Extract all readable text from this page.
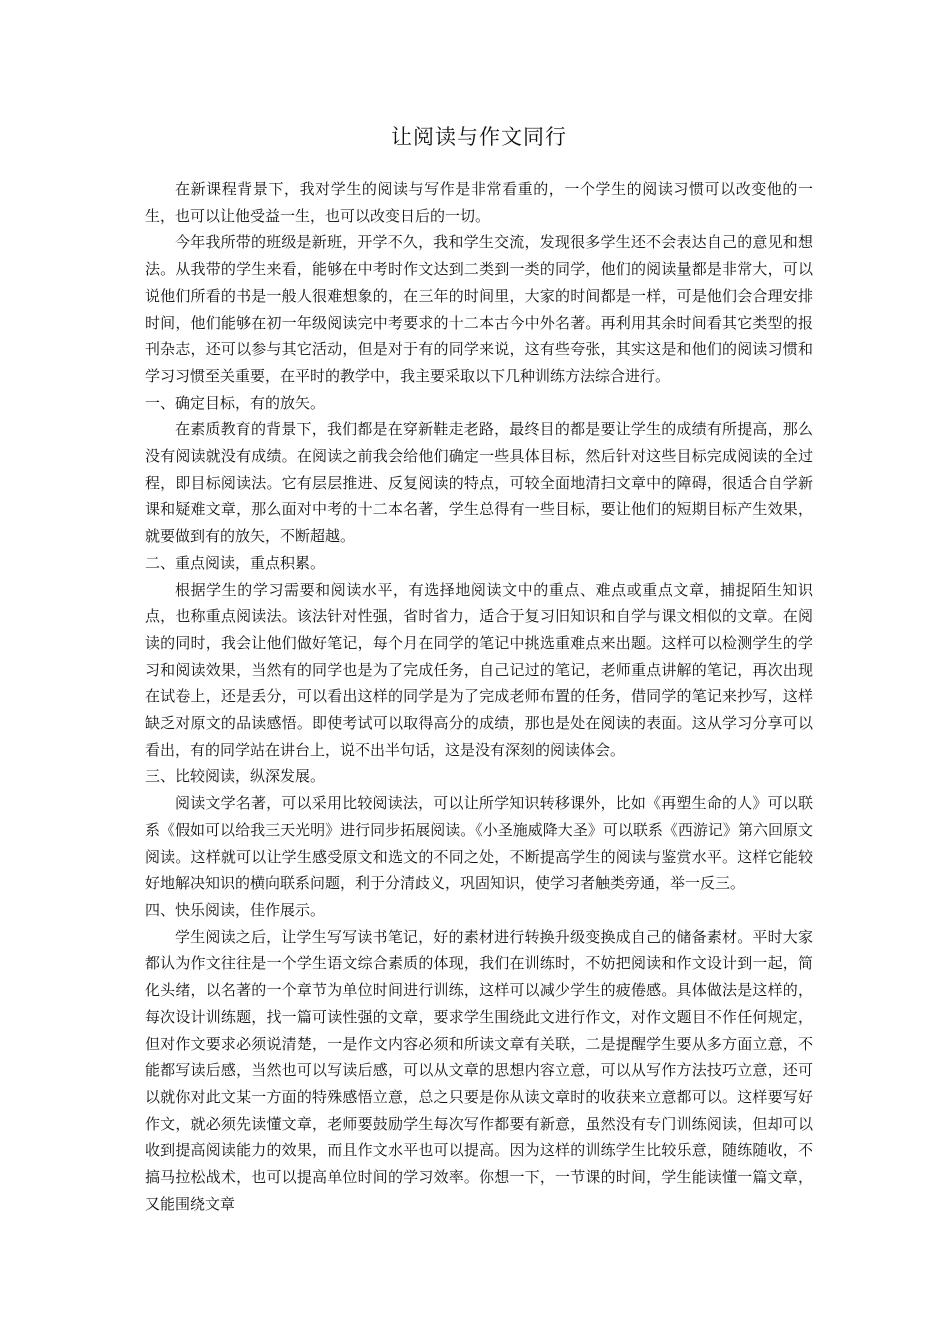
让阅读与作文同行

在新课程背景下，我对学生的阅读与写作是非常看重的，一个学生的阅读习惯可以改变他的一生，也可以让他受益一生，也可以改变日后的一切。

今年我所带的班级是新班，开学不久，我和学生交流，发现很多学生还不会表达自己的意见和想法。从我带的学生来看，能够在中考时作文达到二类到一类的同学，他们的阅读量都是非常大，可以说他们所看的书是一般人很难想象的，在三年的时间里，大家的时间都是一样，可是他们会合理安排时间，他们能够在初一年级阅读完中考要求的十二本古今中外名著。再利用其余时间看其它类型的报刊杂志，还可以参与其它活动，但是对于有的同学来说，这有些夸张，其实这是和他们的阅读习惯和学习习惯至关重要，在平时的教学中，我主要采取以下几种训练方法综合进行。

一、确定目标，有的放矢。

在素质教育的背景下，我们都是在穿新鞋走老路，最终目的都是要让学生的成绩有所提高，那么没有阅读就没有成绩。在阅读之前我会给他们确定一些具体目标，然后针对这些目标完成阅读的全过程，即目标阅读法。它有层层推进、反复阅读的特点，可较全面地清扫文章中的障碍，很适合自学新课和疑难文章，那么面对中考的十二本名著，学生总得有一些目标，要让他们的短期目标产生效果，就要做到有的放矢，不断超越。

二、重点阅读，重点积累。

根据学生的学习需要和阅读水平，有选择地阅读文中的重点、难点或重点文章，捕捉陌生知识点，也称重点阅读法。该法针对性强，省时省力，适合于复习旧知识和自学与课文相似的文章。在阅读的同时，我会让他们做好笔记，每个月在同学的笔记中挑选重难点来出题。这样可以检测学生的学习和阅读效果，当然有的同学也是为了完成任务，自己记过的笔记，老师重点讲解的笔记，再次出现在试卷上，还是丢分，可以看出这样的同学是为了完成老师布置的任务，借同学的笔记来抄写，这样缺乏对原文的品读感悟。即使考试可以取得高分的成绩，那也是处在阅读的表面。这从学习分享可以看出，有的同学站在讲台上，说不出半句话，这是没有深刻的阅读体会。

三、比较阅读，纵深发展。

阅读文学名著，可以采用比较阅读法，可以让所学知识转移课外，比如《再塑生命的人》可以联系《假如可以给我三天光明》进行同步拓展阅读。《小圣施威降大圣》可以联系《西游记》第六回原文阅读。这样就可以让学生感受原文和选文的不同之处，不断提高学生的阅读与鉴赏水平。这样它能较好地解决知识的横向联系问题，利于分清歧义，巩固知识，使学习者触类旁通，举一反三。

四、快乐阅读，佳作展示。

学生阅读之后，让学生写写读书笔记，好的素材进行转换升级变换成自己的储备素材。平时大家都认为作文往往是一个学生语文综合素质的体现，我们在训练时，不妨把阅读和作文设计到一起，简化头绪，以名著的一个章节为单位时间进行训练，这样可以减少学生的疲倦感。具体做法是这样的，每次设计训练题，找一篇可读性强的文章，要求学生围绕此文进行作文，对作文题目不作任何规定，但对作文要求必须说清楚，一是作文内容必须和所读文章有关联，二是提醒学生要从多方面立意，不能都写读后感，当然也可以写读后感，可以从文章的思想内容立意，可以从写作方法技巧立意，还可以就你对此文某一方面的特殊感悟立意，总之只要是你从读文章时的收获来立意都可以。这样要写好作文，就必须先读懂文章，老师要鼓励学生每次写作都要有新意，虽然没有专门训练阅读，但却可以收到提高阅读能力的效果，而且作文水平也可以提高。因为这样的训练学生比较乐意，随练随收，不搞马拉松战术，也可以提高单位时间的学习效率。你想一下，一节课的时间，学生能读懂一篇文章，又能围绕文章
